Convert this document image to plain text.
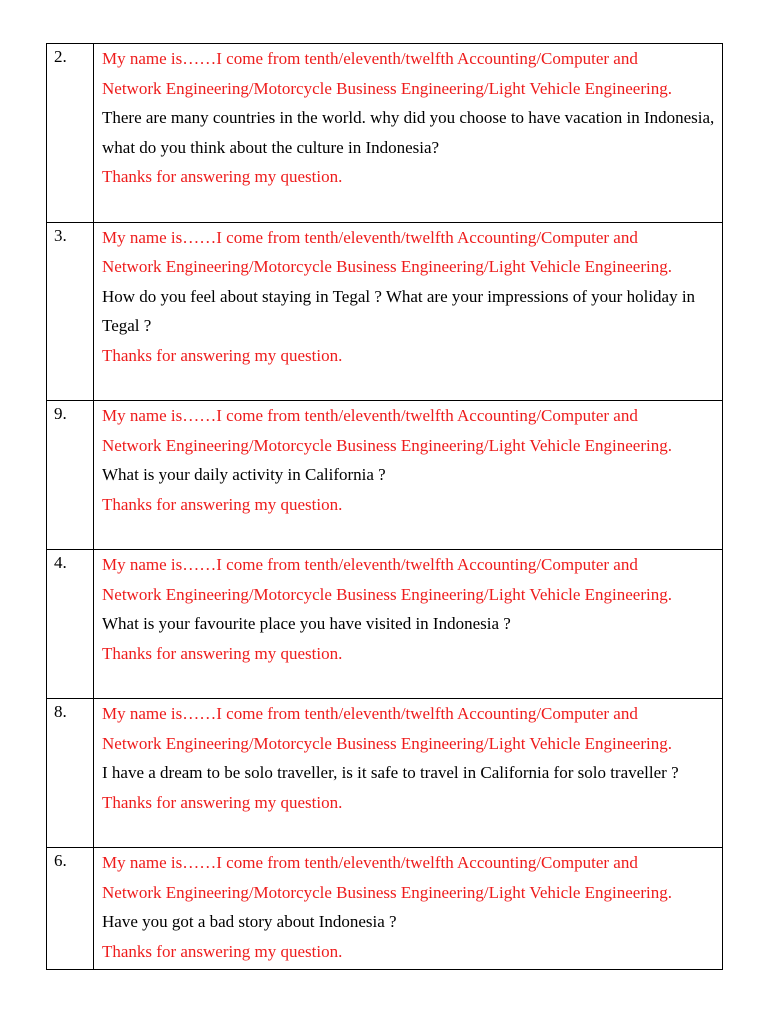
2.	My name is……I come from tenth/eleventh/twelfth Accounting/Computer and
Network Engineering/Motorcycle Business Engineering/Light Vehicle Engineering.
There are many countries in the world. why did you choose to have vacation in Indonesia, what do you think about the culture in Indonesia?
Thanks for answering my question.

3.	My name is……I come from tenth/eleventh/twelfth Accounting/Computer and
Network Engineering/Motorcycle Business Engineering/Light Vehicle Engineering.
How do you feel about staying in Tegal ? What are your impressions of your holiday in Tegal ?
Thanks for answering my question.

9.	My name is……I come from tenth/eleventh/twelfth Accounting/Computer and
Network Engineering/Motorcycle Business Engineering/Light Vehicle Engineering.
What is your daily activity in California ?
Thanks for answering my question.

4.	My name is……I come from tenth/eleventh/twelfth Accounting/Computer and
Network Engineering/Motorcycle Business Engineering/Light Vehicle Engineering.
What is your favourite place you have visited in Indonesia ?
Thanks for answering my question.

8.	My name is……I come from tenth/eleventh/twelfth Accounting/Computer and
Network Engineering/Motorcycle Business Engineering/Light Vehicle Engineering.
I have a dream to be solo traveller, is it safe to travel in California for solo traveller ?
Thanks for answering my question.

6.	My name is……I come from tenth/eleventh/twelfth Accounting/Computer and
Network Engineering/Motorcycle Business Engineering/Light Vehicle Engineering.
Have you got a bad story about Indonesia ?
Thanks for answering my question.
